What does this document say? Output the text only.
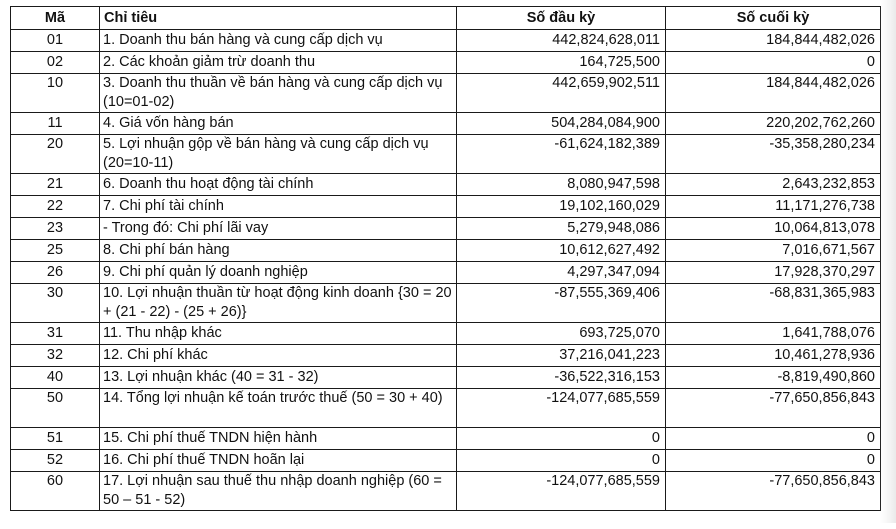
Mã	Chỉ tiêu	Số đầu kỳ	Số cuối kỳ
01	1. Doanh thu bán hàng và cung cấp dịch vụ	442,824,628,011	184,844,482,026
02	2. Các khoản giảm trừ doanh thu	164,725,500	0
10	3. Doanh thu thuần về bán hàng và cung cấp dịch vụ (10=01-02)	442,659,902,511	184,844,482,026
11	4. Giá vốn hàng bán	504,284,084,900	220,202,762,260
20	5. Lợi nhuận gộp về bán hàng và cung cấp dịch vụ (20=10-11)	-61,624,182,389	-35,358,280,234
21	6. Doanh thu hoạt động tài chính	8,080,947,598	2,643,232,853
22	7. Chi phí tài chính	19,102,160,029	11,171,276,738
23	- Trong đó: Chi phí lãi vay	5,279,948,086	10,064,813,078
25	8. Chi phí bán hàng	10,612,627,492	7,016,671,567
26	9. Chi phí quản lý doanh nghiệp	4,297,347,094	17,928,370,297
30	10. Lợi nhuận thuần từ hoạt động kinh doanh {30 = 20 + (21 - 22) - (25 + 26)}	-87,555,369,406	-68,831,365,983
31	11. Thu nhập khác	693,725,070	1,641,788,076
32	12. Chi phí khác	37,216,041,223	10,461,278,936
40	13. Lợi nhuận khác (40 = 31 - 32)	-36,522,316,153	-8,819,490,860
50	14. Tổng lợi nhuận kế toán trước thuế (50 = 30 + 40)	-124,077,685,559	-77,650,856,843
51	15. Chi phí thuế TNDN hiện hành	0	0
52	16. Chi phí thuế TNDN hoãn lại	0	0
60	17. Lợi nhuận sau thuế thu nhập doanh nghiệp (60 = 50 – 51 - 52)	-124,077,685,559	-77,650,856,843
